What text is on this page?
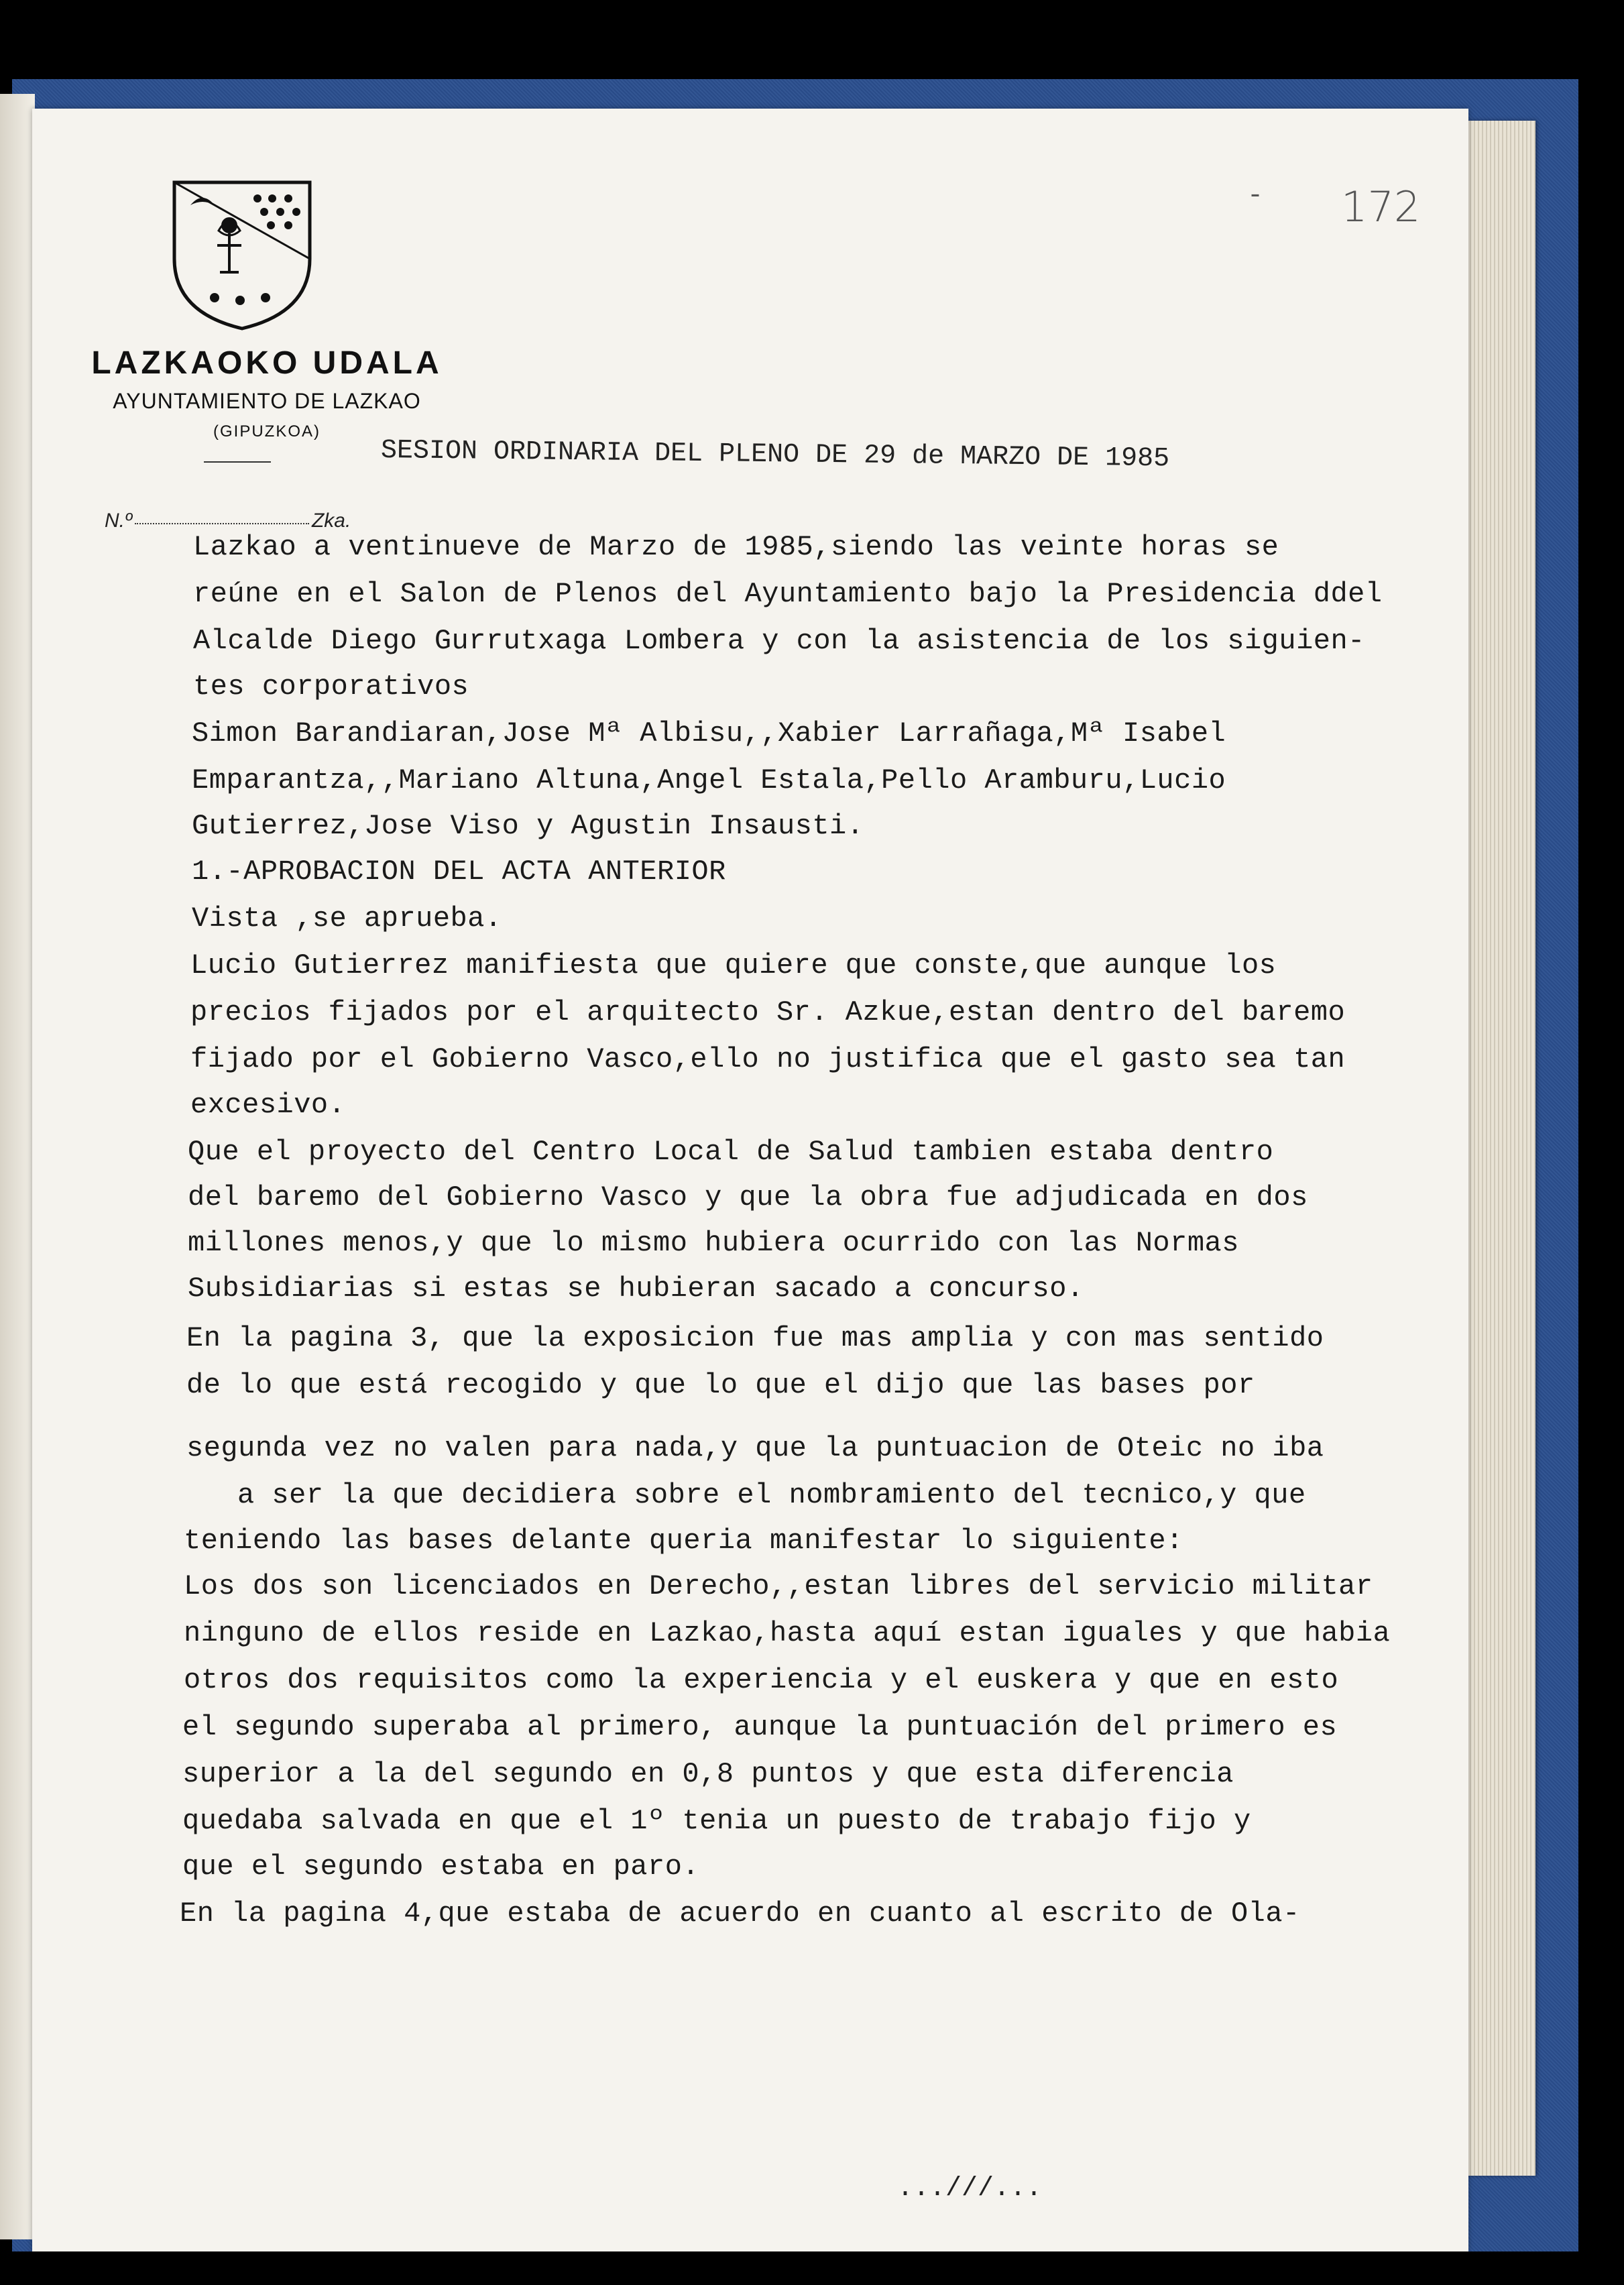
LAZKAOKO UDALA
AYUNTAMIENTO DE LAZKAO
(GIPUZKOA)
- 172
SESION ORDINARIA DEL PLENO DE 29 de MARZO DE 1985
N.º	Zka.
Lazkao a ventinueve de Marzo de 1985,siendo las veinte horas se
reúne en el Salon de Plenos del Ayuntamiento bajo la Presidencia ddel
Alcalde Diego Gurrutxaga Lombera y con la asistencia de los siguien-
tes corporativos
Simon Barandiaran,Jose Mª Albisu,,Xabier Larrañaga,Mª Isabel
Emparantza,,Mariano Altuna,Angel Estala,Pello Aramburu,Lucio
Gutierrez,Jose Viso y Agustin Insausti.
1.-APROBACION DEL ACTA ANTERIOR
Vista ,se aprueba.
Lucio Gutierrez manifiesta que quiere que conste,que aunque los
precios fijados por el arquitecto Sr. Azkue,estan dentro del baremo
fijado por el Gobierno Vasco,ello no justifica que el gasto sea tan
excesivo.
Que el proyecto del Centro Local de Salud tambien estaba dentro
del baremo del Gobierno Vasco y que la obra fue adjudicada en dos
millones menos,y que lo mismo hubiera ocurrido con las Normas
Subsidiarias si estas se hubieran sacado a concurso.
En la pagina 3, que la exposicion fue mas amplia y con mas sentido
de lo que está recogido y que lo que el dijo que las bases por
segunda vez no valen para nada,y que la puntuacion de Oteic no iba
a ser la que decidiera sobre el nombramiento del tecnico,y que
teniendo las bases delante queria manifestar lo siguiente:
Los dos son licenciados en Derecho,,estan libres del servicio militar
ninguno de ellos reside en Lazkao,hasta aquí estan iguales y que habia
otros dos requisitos como la experiencia y el euskera y que en esto
el segundo superaba al primero, aunque la puntuación del primero es
superior a la del segundo en 0,8 puntos y que esta diferencia
quedaba salvada en que el 1º tenia un puesto de trabajo fijo y
que el segundo estaba en paro.
En la pagina 4,que estaba de acuerdo en cuanto al escrito de Ola-
...///...
